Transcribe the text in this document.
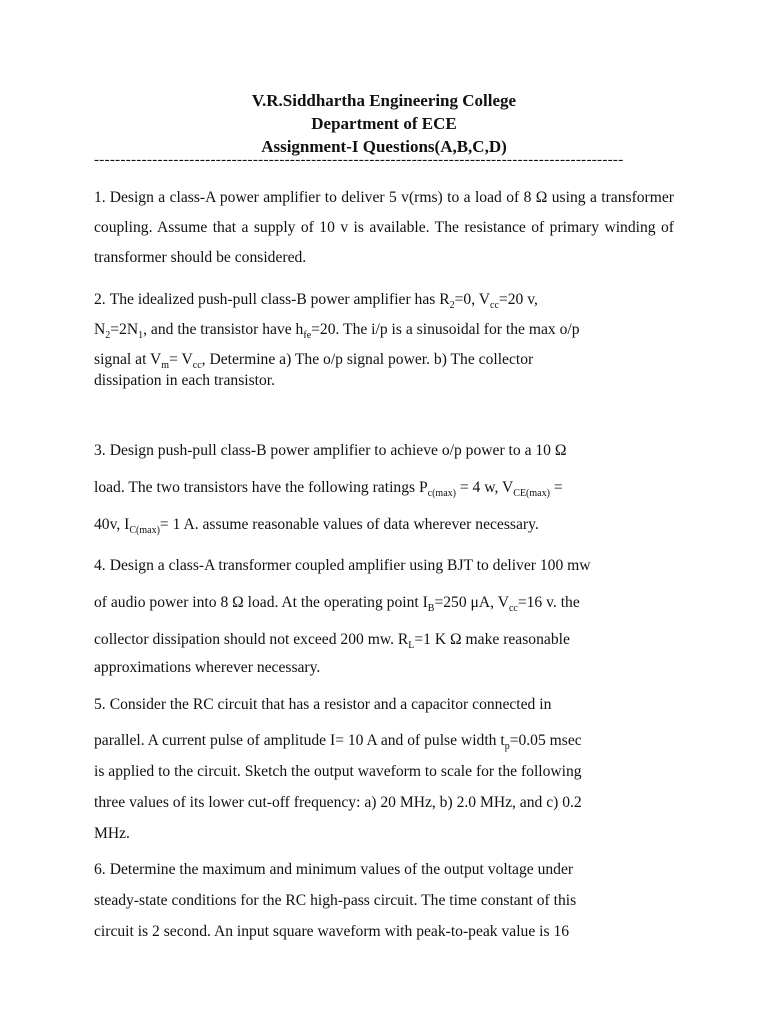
V.R.Siddhartha Engineering College
Department of ECE
Assignment-I Questions(A,B,C,D)
----------------------------------------------------------------------------------------------------

1. Design a class-A power amplifier to deliver 5 v(rms) to a load of 8 Ω using a transformer coupling. Assume that a supply of 10 v is available. The resistance of primary winding of transformer should be considered.

2. The idealized push-pull class-B power amplifier has $R_2=0$, $V_{cc}=20$ v,

$N_2=2N_1$, and the transistor have $h_{fe}=20$. The i/p is a sinusoidal for the max o/p

signal at $V_m= V_{cc}$, Determine a) The o/p signal power. b) The collector

dissipation in each transistor.

3. Design push-pull class-B power amplifier to achieve o/p power to a 10 Ω

load. The two transistors have the following ratings $P_{c(max)} = 4$ w, $V_{CE(max)}$ =

40v, $I_{C(max)}= 1$ A. assume reasonable values of data wherever necessary.

4. Design a class-A transformer coupled amplifier using BJT to deliver 100 mw

of audio power into 8 Ω load. At the operating point $I_B=250$ μA, $V_{cc}=16$ v. the

collector dissipation should not exceed 200 mw. $R_L=1$ K Ω make reasonable

approximations wherever necessary.

5. Consider the RC circuit that has a resistor and a capacitor connected in

parallel. A current pulse of amplitude I= 10 A and of pulse width $t_p=0.05$ msec

is applied to the circuit. Sketch the output waveform to scale for the following

three values of its lower cut-off frequency: a) 20 MHz, b) 2.0 MHz, and c) 0.2

MHz.

6. Determine the maximum and minimum values of the output voltage under

steady-state conditions for the RC high-pass circuit. The time constant of this

circuit is 2 second. An input square waveform with peak-to-peak value is 16
